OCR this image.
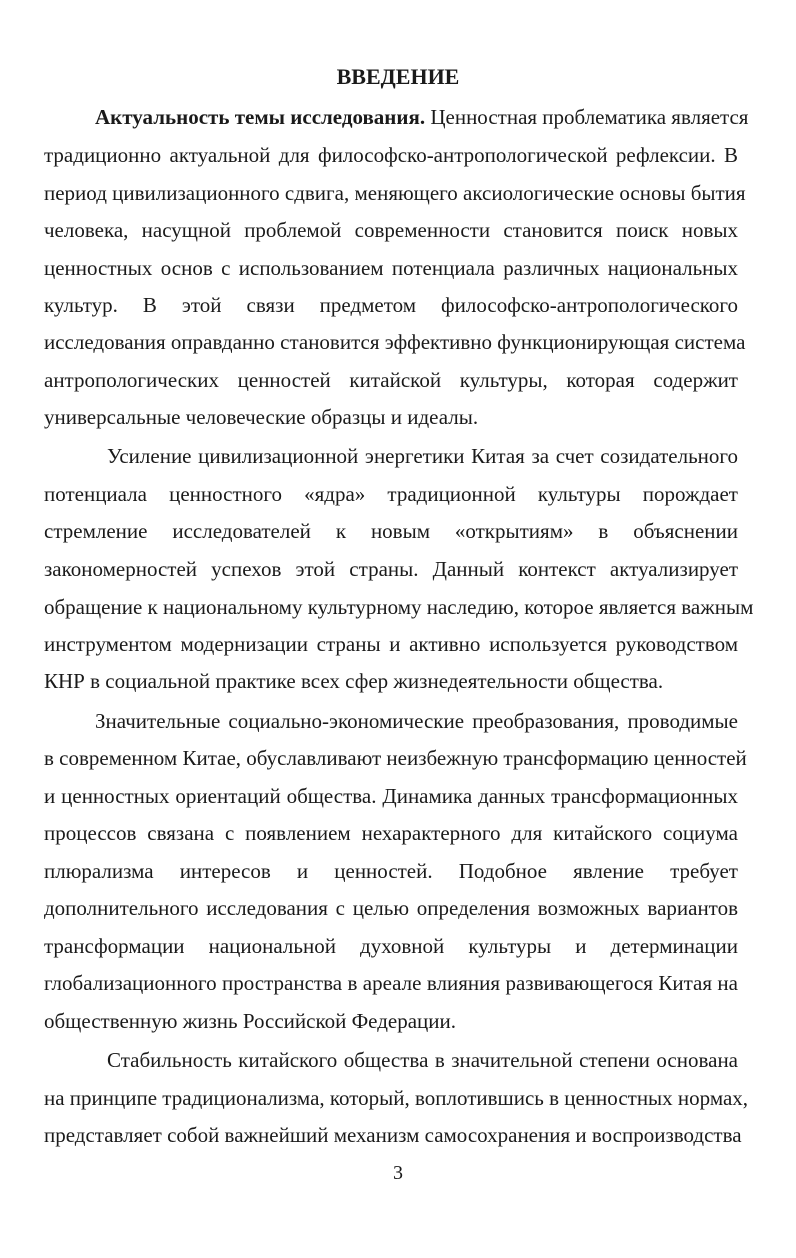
ВВЕДЕНИЕ
Актуальность темы исследования. Ценностная проблематика является
традиционно актуальной для философско-антропологической рефлексии. В
период цивилизационного сдвига, меняющего аксиологические основы бытия
человека, насущной проблемой современности становится поиск новых
ценностных основ с использованием потенциала различных национальных
культур. В этой связи предметом философско-антропологического
исследования оправданно становится эффективно функционирующая система
антропологических ценностей китайской культуры, которая содержит
универсальные человеческие образцы и идеалы.
Усиление цивилизационной энергетики Китая за счет созидательного
потенциала ценностного «ядра» традиционной культуры порождает
стремление исследователей к новым «открытиям» в объяснении
закономерностей успехов этой страны. Данный контекст актуализирует
обращение к национальному культурному наследию, которое является важным
инструментом модернизации страны и активно используется руководством
КНР в социальной практике всех сфер жизнедеятельности общества.
Значительные социально-экономические преобразования, проводимые
в современном Китае, обуславливают неизбежную трансформацию ценностей
и ценностных ориентаций общества. Динамика данных трансформационных
процессов связана с появлением нехарактерного для китайского социума
плюрализма интересов и ценностей. Подобное явление требует
дополнительного исследования с целью определения возможных вариантов
трансформации национальной духовной культуры и детерминации
глобализационного пространства в ареале влияния развивающегося Китая на
общественную жизнь Российской Федерации.
Стабильность китайского общества в значительной степени основана
на принципе традиционализма, который, воплотившись в ценностных нормах,
представляет собой важнейший механизм самосохранения и воспроизводства
3
